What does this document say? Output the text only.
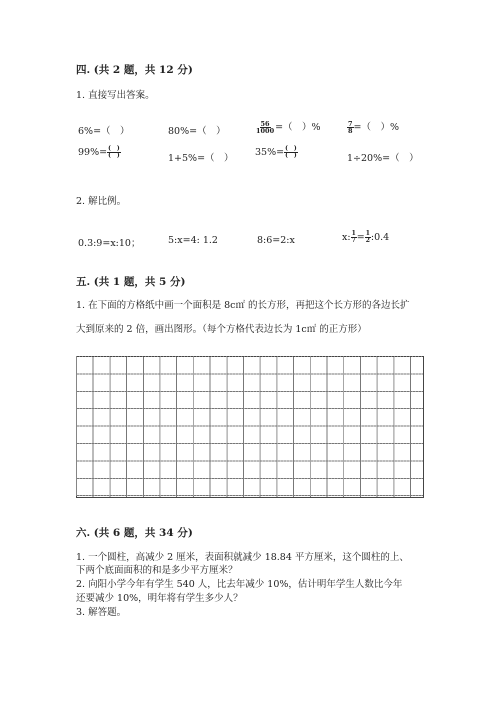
四. (共 2 题，共 12 分)
1. 直接写出答案。
6%=（　）	80%=（　）	$\frac{56}{1000}$ =（　）%	$\frac{7}{8}$ =（　）%
$99\%= \frac{( )}{( )}$	1+5%=（　）
$35\%= \frac{( )}{( )}$	1÷20%=（　）
2. 解比例。
0.3:9=x:10；	5:x=4: 1.2	8:6=2:x	x: $\frac{1}{7} = \frac{1}{2}$ :0.4
五. (共 1 题，共 5 分)
1. 在下面的方格纸中画一个面积是 8c㎡ 的长方形，再把这个长方形的各边长扩
大到原来的 2 倍，画出图形。（每个方格代表边长为 1c㎡ 的正方形）
六. (共 6 题，共 34 分)
1. 一个圆柱，高减少 2 厘米，表面积就减少 18.84 平方厘米，这个圆柱的上、
下两个底面面积的和是多少平方厘米？
2. 向阳小学今年有学生 540 人，比去年减少 10%，估计明年学生人数比今年
还要减少 10%，明年将有学生多少人？
3. 解答题。
